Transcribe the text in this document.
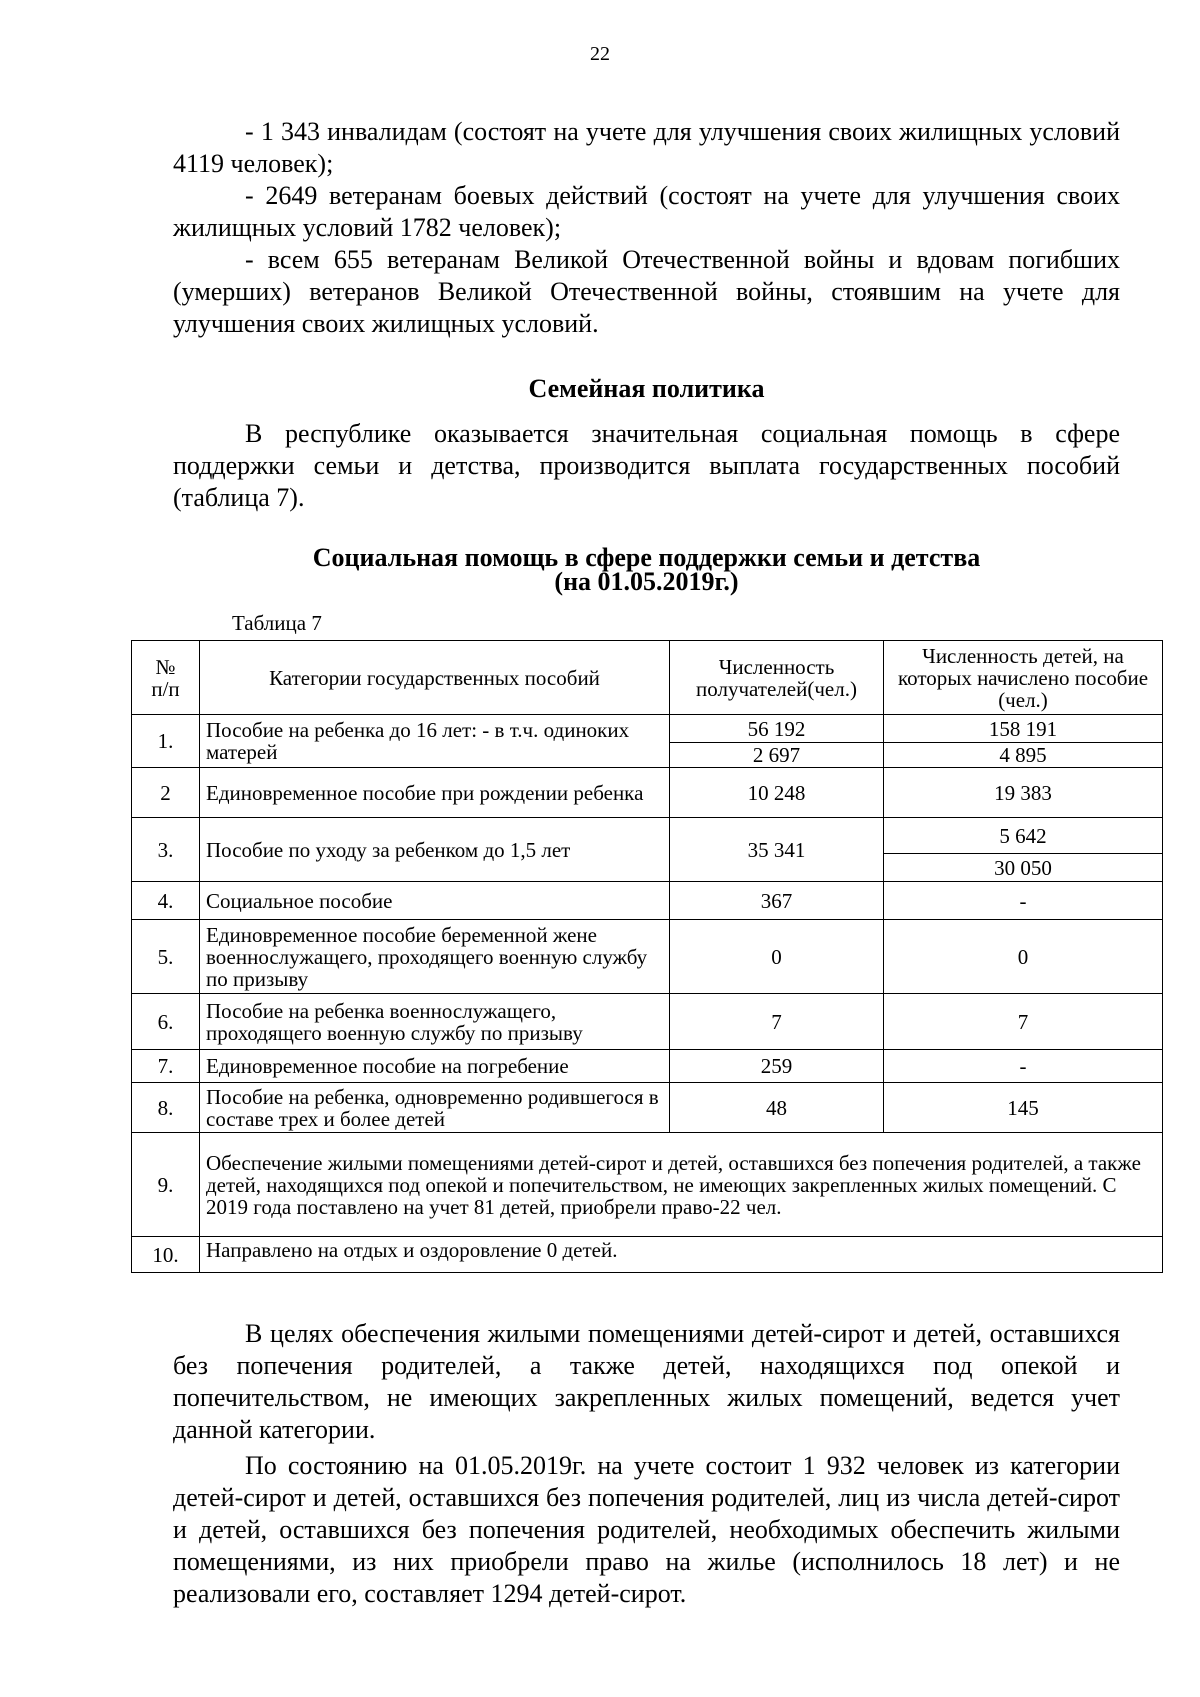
22

- 1 343 инвалидам (состоят на учете для улучшения своих жилищных условий 4119 человек);

- 2649 ветеранам боевых действий (состоят на учете для улучшения своих жилищных условий 1782 человек);

- всем 655 ветеранам Великой Отечественной войны и вдовам погибших (умерших) ветеранов Великой Отечественной войны, стоявшим на учете для улучшения своих жилищных условий.

Семейная политика

В республике оказывается значительная социальная помощь в сфере поддержки семьи и детства, производится выплата государственных пособий (таблица 7).

Социальная помощь в сфере поддержки семьи и детства
(на 01.05.2019г.)
Таблица 7
№
п/п	Категории государственных пособий	Численность получателей(чел.)	Численность детей, на которых начислено пособие (чел.)
1.	Пособие на ребенка до 16 лет: - в т.ч. одиноких матерей	56 192	158 191
		2 697	4 895
2	Единовременное пособие при рождении ребенка	10 248	19 383
3.	Пособие по уходу за ребенком до 1,5 лет	35 341	5 642
			30 050
4.	Социальное пособие	367	-
5.	Единовременное пособие беременной жене военнослужащего, проходящего военную службу по призыву	0	0
6.	Пособие на ребенка военнослужащего, проходящего военную службу по призыву	7	7
7.	Единовременное пособие на погребение	259	-
8.	Пособие на ребенка, одновременно родившегося в составе трех и более детей	48	145
9.	Обеспечение жилыми помещениями детей-сирот и детей, оставшихся без попечения родителей, а также детей, находящихся под опекой и попечительством, не имеющих закрепленных жилых помещений. С 2019 года поставлено на учет 81 детей, приобрели право-22 чел.		
10.	Направлено на отдых и оздоровление 0 детей.		

В целях обеспечения жилыми помещениями детей-сирот и детей, оставшихся без попечения родителей, а также детей, находящихся под опекой и попечительством, не имеющих закрепленных жилых помещений, ведется учет данной категории.

По состоянию на 01.05.2019г. на учете состоит 1 932 человек из категории детей-сирот и детей, оставшихся без попечения родителей, лиц из числа детей-сирот и детей, оставшихся без попечения родителей, необходимых обеспечить жилыми помещениями, из них приобрели право на жилье (исполнилось 18 лет) и не реализовали его, составляет 1294 детей-сирот.
